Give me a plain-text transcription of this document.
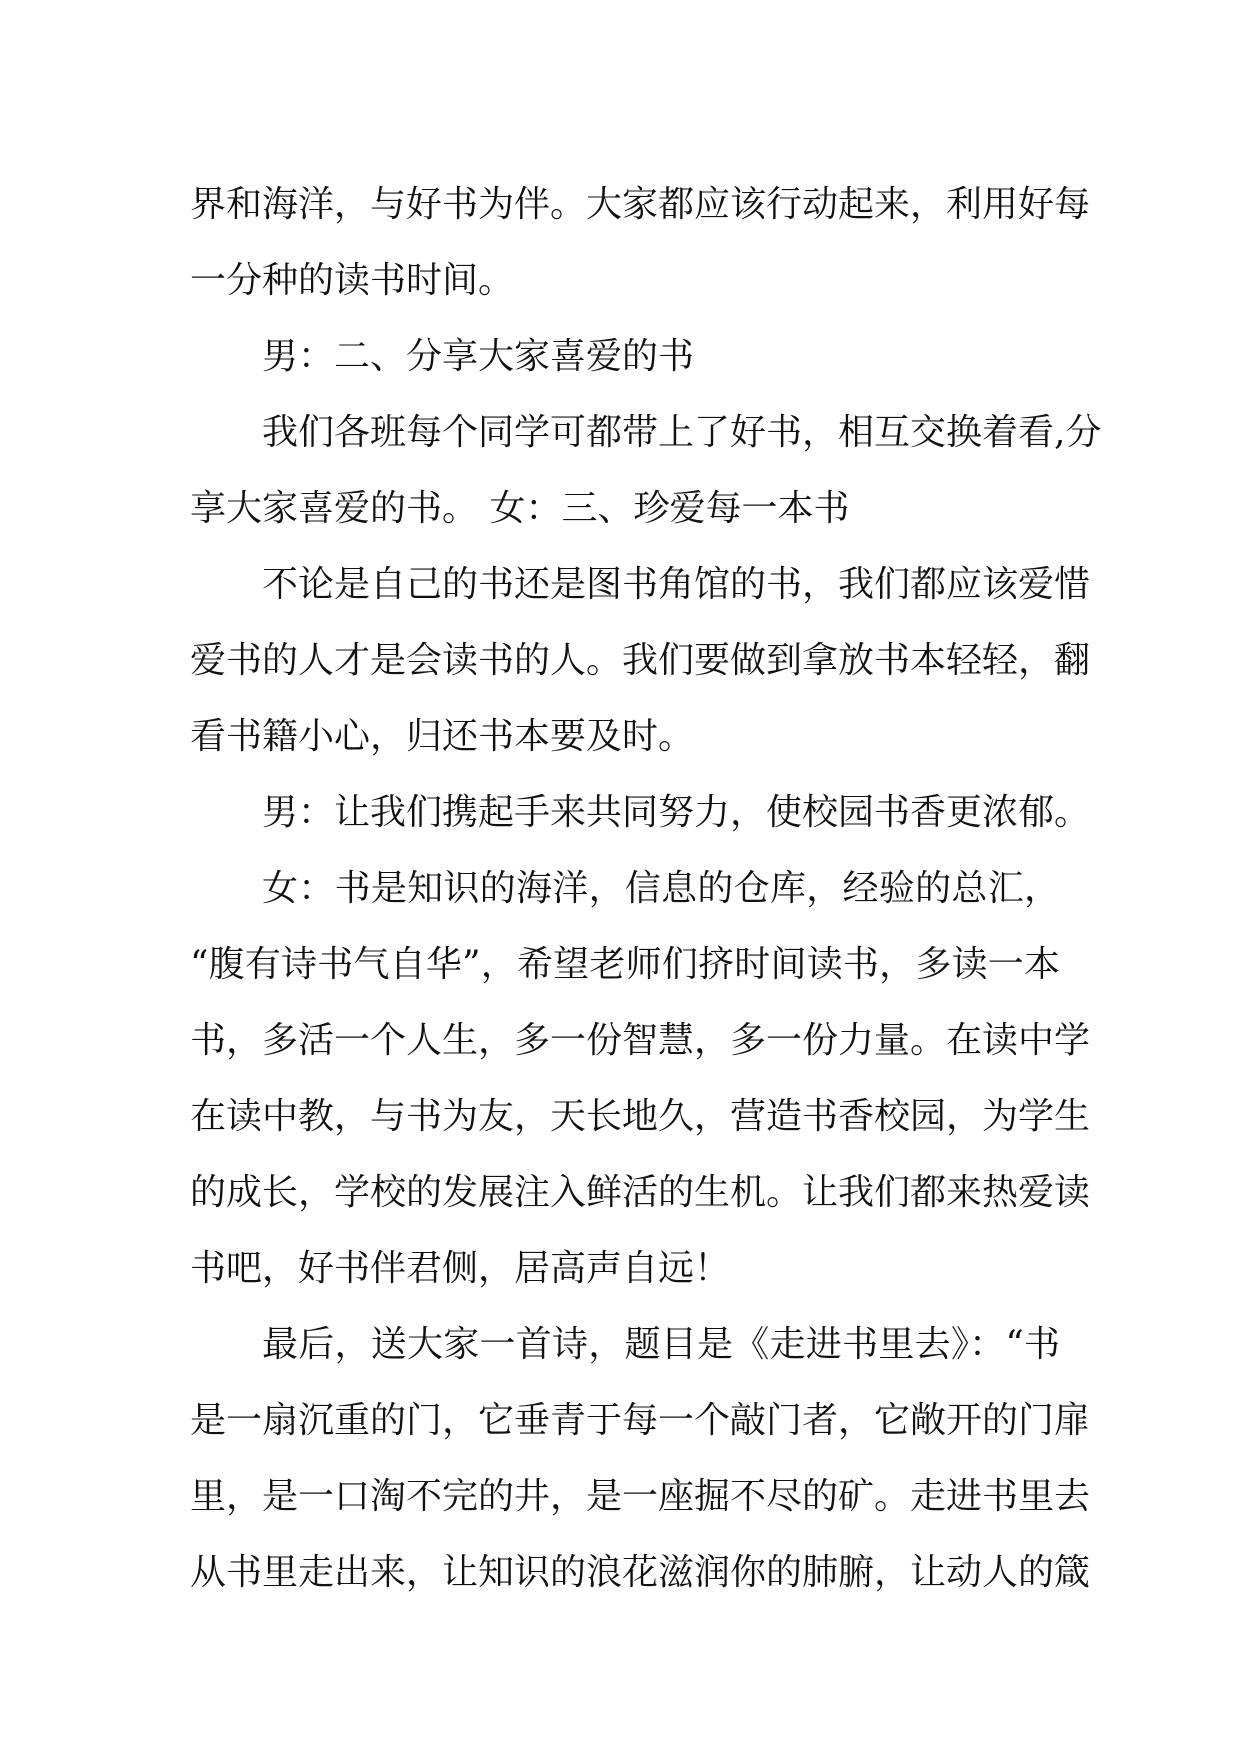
界和海洋，与好书为伴。大家都应该行动起来，利用好每
一分种的读书时间。
男：二、分享大家喜爱的书
我们各班每个同学可都带上了好书，相互交换着看,分
享大家喜爱的书。 女：三、珍爱每一本书
不论是自己的书还是图书角馆的书，我们都应该爱惜
爱书的人才是会读书的人。我们要做到拿放书本轻轻，翻
看书籍小心，归还书本要及时。
男：让我们携起手来共同努力，使校园书香更浓郁。
女：书是知识的海洋，信息的仓库，经验的总汇，
“腹有诗书气自华”，希望老师们挤时间读书，多读一本
书，多活一个人生，多一份智慧，多一份力量。在读中学
在读中教，与书为友，天长地久，营造书香校园，为学生
的成长，学校的发展注入鲜活的生机。让我们都来热爱读
书吧，好书伴君侧，居高声自远！
最后，送大家一首诗，题目是《走进书里去》：“书
是一扇沉重的门，它垂青于每一个敲门者，它敞开的门扉
里，是一口淘不完的井，是一座掘不尽的矿。走进书里去
从书里走出来，让知识的浪花滋润你的肺腑，让动人的箴
